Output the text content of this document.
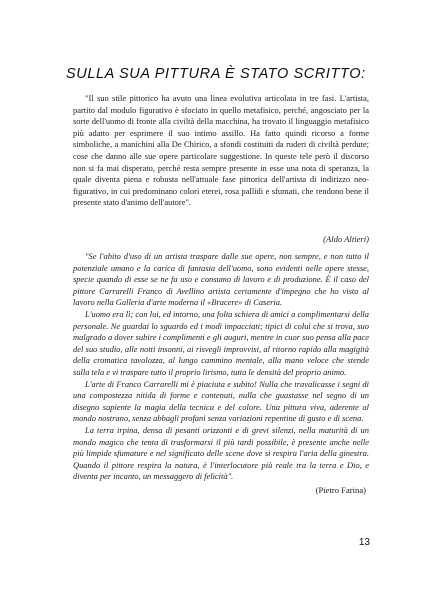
SULLA SUA PITTURA È STATO SCRITTO:

"Il suo stile pittorico ha avuto una linea evolutiva articolata in tre fasi. L'artista, partito dal modulo figurativo è sfociato in quello metafisico, perché, angosciato per la sorte dell'uomo di fronte alla civiltà della macchina, ha trovato il linguaggio metafisico più adatto per esprimere il suo intimo assillo. Ha fatto quindi ricorso a forme simboliche, a manichini alla De Chirico, a sfondi costituiti da ruderi di civiltà perdute; cose che danno alle sue opere particolare suggestione. In queste tele però il discorso non si fa mai disperato, perché resta sempre presente in esse una nota di speranza, la quale diventa piena e robusta nell'attuale fase pittorica dell'artista di indirizzo neo-figurativo, in cui predominano colori eterei, rosa pallidi e sfumati, che rendono bene il presente stato d'animo dell'autore".

(Aldo Altieri)

"Se l'abito d'uso di un artista traspare dalle sue opere, non sempre, e non tutto il potenziale umano e la carica di fantasia dell'uomo, sono evidenti nelle opere stesse, specie quando di esse se ne fa uso e consumo di lavoro e di produzione. È il caso del pittore Carrarelli Franco di Avellino artista certamente d'impegno che ho visto al lavoro nella Galleria d'arte moderna il «Bracere» di Caseria.

L'uomo era lì; con lui, ed intorno, una folta schiera di amici a complimentarsi della personale. Ne guardai lo sguardo ed i modi impacciati; tipici di coluì che si trova, suo malgrado a dover subire i complimenti e gli auguri, mentre in cuor suo pensa alla pace del suo studio, alle notti insonni, ai risvegli improvvisi, al ritorno rapido alla magigità della cromatica tavolozza, al lungo cammino mentale, alla mano veloce che stende sulla tela e vi traspare tutto il proprio lirismo, tutta le densità del proprio animo.

L'arte di Franco Carrarelli mi è piaciuta e subito! Nulla che travalicasse i segni di una compostezza nitida di forme e contenuti, nulla che guastasse nel segno di un disegno sapiente la magia della tecnica e del colore. Una pittura viva, aderente al mondo nostrano, senza abbagli profani senza variazioni repentine di gusto e di scena.

La terra irpina, densa di pesanti orizzonti e di grevi silenzi, nella maturità di un mondo magico che tenta di trasformarsi il più tardi possibile, è presente anche nelle più limpide sfumature e nel significato delle scene dove si respira l'aria della ginestra. Quando il pittore respira la natura, è l'interlocutore più reale tra la terra e Dio, e diventa per incanto, un messaggero di felicità".

(Pietro Farina)
13
